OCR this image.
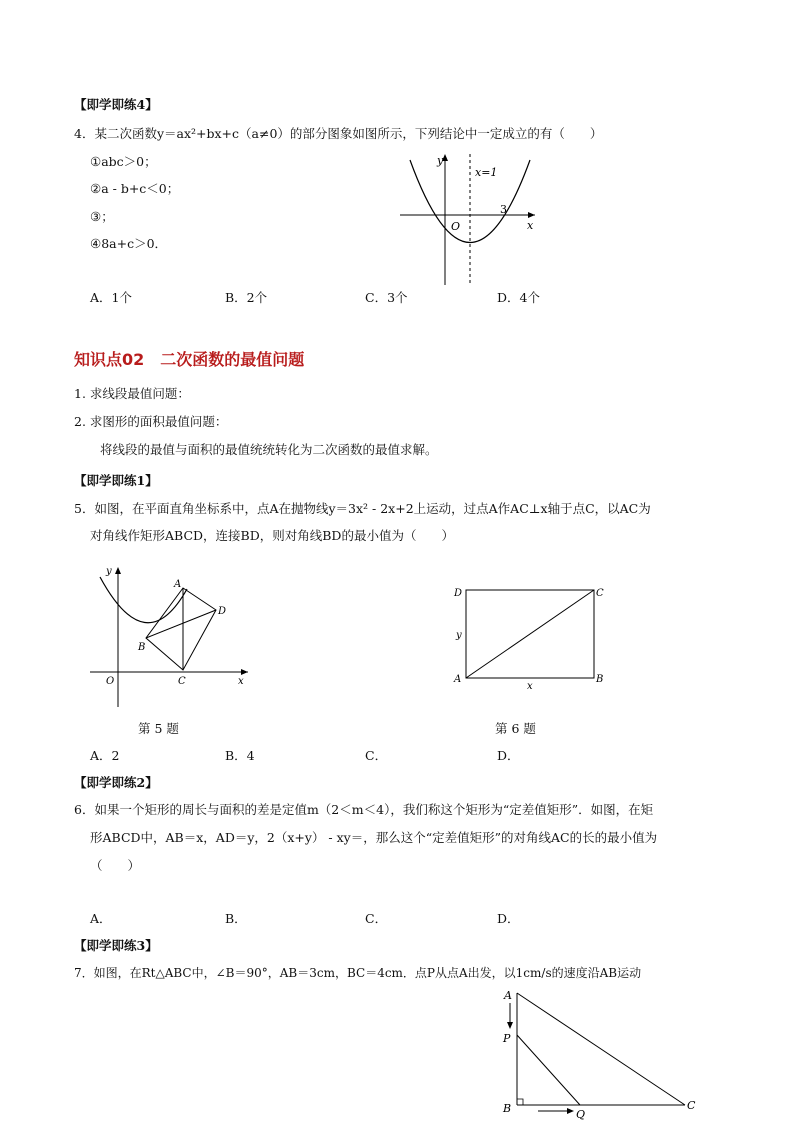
【即学即练4】
4．某二次函数y＝ax²+bx+c（a≠0）的部分图象如图所示，下列结论中一定成立的有（　　）
①abc＞0；
②a - b+c＜0；
③；
④8a+c＞0．
y
x
O
x=1
3
A．1个	B．2个	C．3个	D．4个
知识点02　二次函数的最值问题
1. 求线段最值问题：
2. 求图形的面积最值问题：
将线段的最值与面积的最值统统转化为二次函数的最值求解。
【即学即练1】
5．如图，在平面直角坐标系中，点A在抛物线y＝3x² - 2x+2上运动，过点A作AC⊥x轴于点C，以AC为
对角线作矩形ABCD，连接BD，则对角线BD的最小值为（　　）
A
D
B
C
O	x
y
D	C
A	B
y
x
第 5 题	第 6 题
A．2	B．4	C．	D．
【即学即练2】
6．如果一个矩形的周长与面积的差是定值m（2＜m＜4），我们称这个矩形为“定差值矩形”．如图，在矩
形ABCD中，AB＝x，AD＝y，2（x+y） - xy＝，那么这个“定差值矩形”的对角线AC的长的最小值为
（　　）
A．	B．	C．	D．
【即学即练3】
7．如图，在Rt△ABC中，∠B＝90°，AB＝3cm，BC＝4cm．点P从点A出发，以1cm/s的速度沿AB运动
A
P
B	Q
C
